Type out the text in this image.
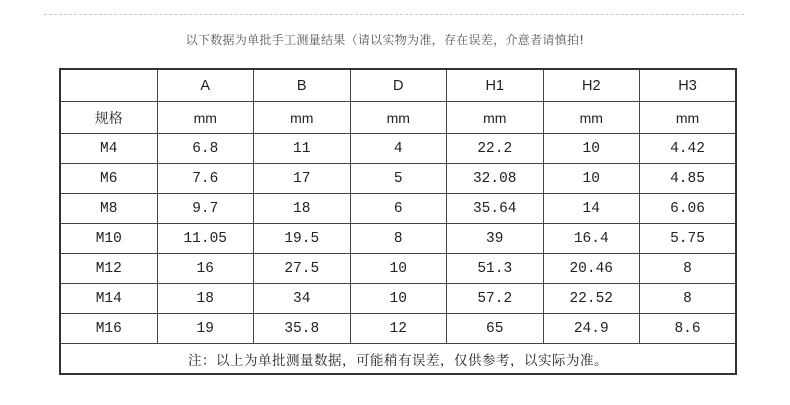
以下数据为单批手工测量结果（请以实物为准，存在误差，介意者请慎拍!
	A	B	D	H1	H2	H3
规格	mm	mm	mm	mm	mm	mm
M4	6.8	11	4	22.2	10	4.42
M6	7.6	17	5	32.08	10	4.85
M8	9.7	18	6	35.64	14	6.06
M10	11.05	19.5	8	39	16.4	5.75
M12	16	27.5	10	51.3	20.46	8
M14	18	34	10	57.2	22.52	8
M16	19	35.8	12	65	24.9	8.6
注：以上为单批测量数据，可能稍有误差，仅供参考，以实际为准。						
